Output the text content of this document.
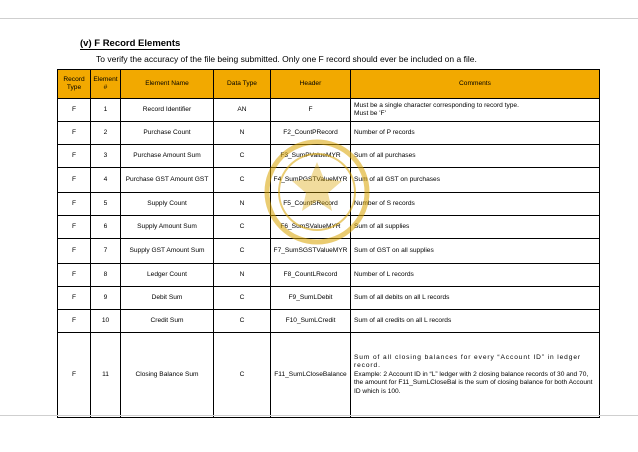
(v) F Record Elements
To verify the accuracy of the file being submitted. Only one F record should ever be included on a file.
Record Type	Element #	Element Name	Data Type	Header	Comments
F	1	Record Identifier	AN	F	Must be a single character corresponding to record type.
Must be 'F'

F	2	Purchase Count	N	F2_CountPRecord	Number of P records
F	3	Purchase Amount Sum	C	F3_SumPValueMYR	Sum of all purchases
F	4	Purchase GST Amount GST	C	F4_SumPGSTValueMYR	Sum of all GST on purchases
F	5	Supply Count	N	F5_CountSRecord	Number of S records
F	6	Supply Amount Sum	C	F6_SumSValueMYR	Sum of all supplies
F	7	Supply GST Amount Sum	C	F7_SumSGSTValueMYR	Sum of GST on all supplies
F	8	Ledger Count	N	F8_CountLRecord	Number of L records
F	9	Debit Sum	C	F9_SumLDebit	Sum of all debits on all L records
F	10	Credit Sum	C	F10_SumLCredit	Sum of all credits on all L records
F	11	Closing Balance Sum	C	F11_SumLCloseBalance	Sum of all closing balances for every “Account ID” in ledger record.
Example: 2 Account ID in “L” ledger with 2 closing balance records of 30 and 70, the amount for F11_SumLCloseBal is the sum of closing balance for both Account ID which is 100.
